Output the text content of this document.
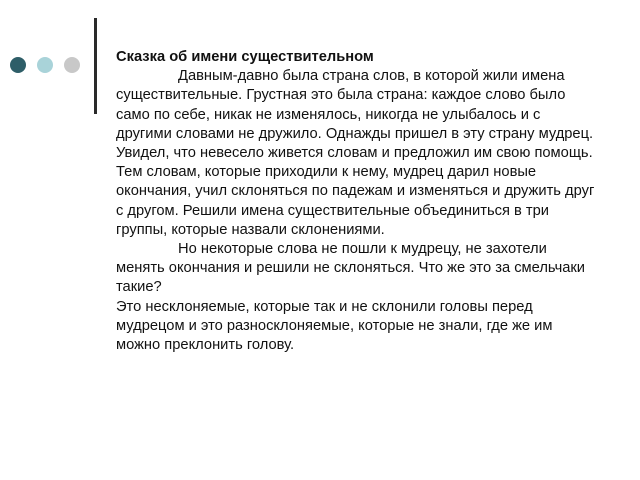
Сказка об имени существительном

Давным-давно была страна слов, в которой жили имена существительные. Грустная это была страна: каждое слово было само по себе, никак не изменялось, никогда не улыбалось и с другими словами не дружило. Однажды пришел в эту страну мудрец. Увидел, что невесело живется словам и предложил им свою помощь. Тем словам, которые приходили к нему, мудрец дарил новые окончания, учил склоняться по падежам и изменяться и дружить друг с другом. Решили имена существительные объединиться в три группы, которые назвали склонениями.

Но некоторые слова не пошли к мудрецу, не захотели менять окончания и решили не склоняться. Что же это за смельчаки такие?

Это несклоняемые, которые так и не склонили головы перед мудрецом и это разносклоняемые, которые не знали, где же им можно преклонить голову.
